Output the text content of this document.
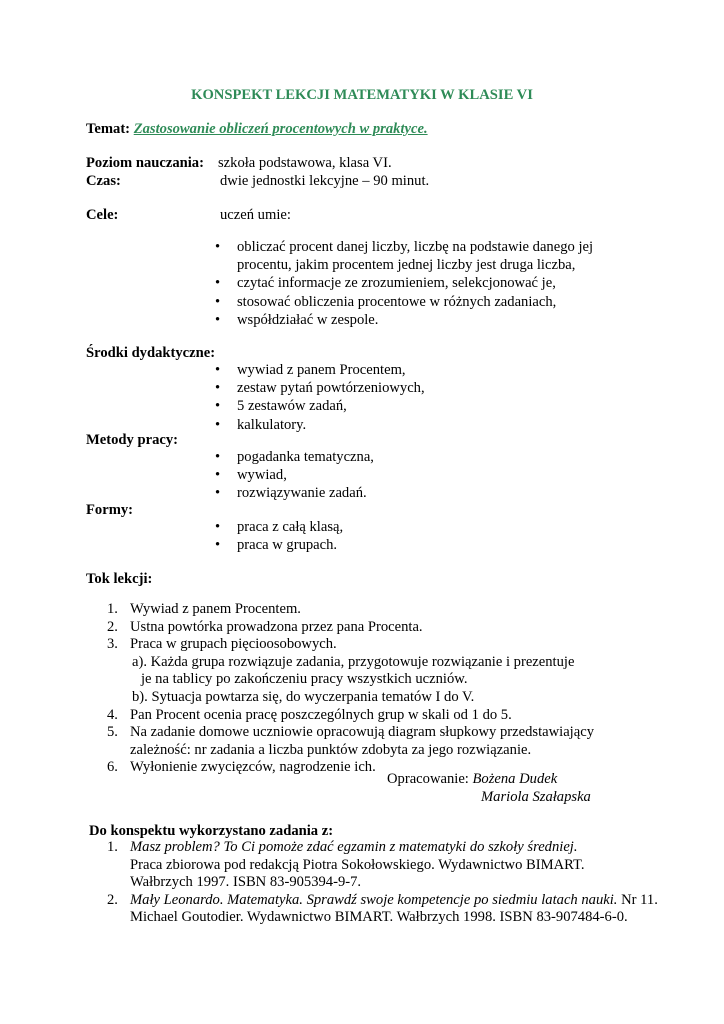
KONSPEKT LEKCJI MATEMATYKI W KLASIE VI
Temat: Zastosowanie obliczeń procentowych w praktyce.
Poziom nauczania: szkoła podstawowa, klasa VI.
Czas:	dwie jednostki lekcyjne – 90 minut.
Cele:	uczeń umie:
• obliczać procent danej liczby, liczbę na podstawie danego jej procentu, jakim procentem jednej liczby jest druga liczba,
• czytać informacje ze zrozumieniem, selekcjonować je,
• stosować obliczenia procentowe w różnych zadaniach,
• współdziałać w zespole.
Środki dydaktyczne:
• wywiad z panem Procentem,
• zestaw pytań powtórzeniowych,
• 5 zestawów zadań,
• kalkulatory.
Metody pracy:
• pogadanka tematyczna,
• wywiad,
• rozwiązywanie zadań.
Formy:
• praca z całą klasą,
• praca w grupach.
Tok lekcji:
1. Wywiad z panem Procentem.
2. Ustna powtórka prowadzona przez pana Procenta.
3. Praca w grupach pięcioosobowych.
a). Każda grupa rozwiązuje zadania, przygotowuje rozwiązanie i prezentuje
je na tablicy po zakończeniu pracy wszystkich uczniów.
b). Sytuacja powtarza się, do wyczerpania tematów I do V.
4. Pan Procent ocenia pracę poszczególnych grup w skali od 1 do 5.
5. Na zadanie domowe uczniowie opracowują diagram słupkowy przedstawiający
zależność: nr zadania a liczba punktów zdobyta za jego rozwiązanie.
6. Wyłonienie zwycięzców, nagrodzenie ich.
Opracowanie: Bożena Dudek
Mariola Szałapska
Do konspektu wykorzystano zadania z:
1. Masz problem? To Ci pomoże zdać egzamin z matematyki do szkoły średniej.
Praca zbiorowa pod redakcją Piotra Sokołowskiego. Wydawnictwo BIMART.
Wałbrzych 1997. ISBN 83-905394-9-7.
2. Mały Leonardo. Matematyka. Sprawdź swoje kompetencje po siedmiu latach nauki. Nr 11.
Michael Goutodier. Wydawnictwo BIMART. Wałbrzych 1998. ISBN 83-907484-6-0.
